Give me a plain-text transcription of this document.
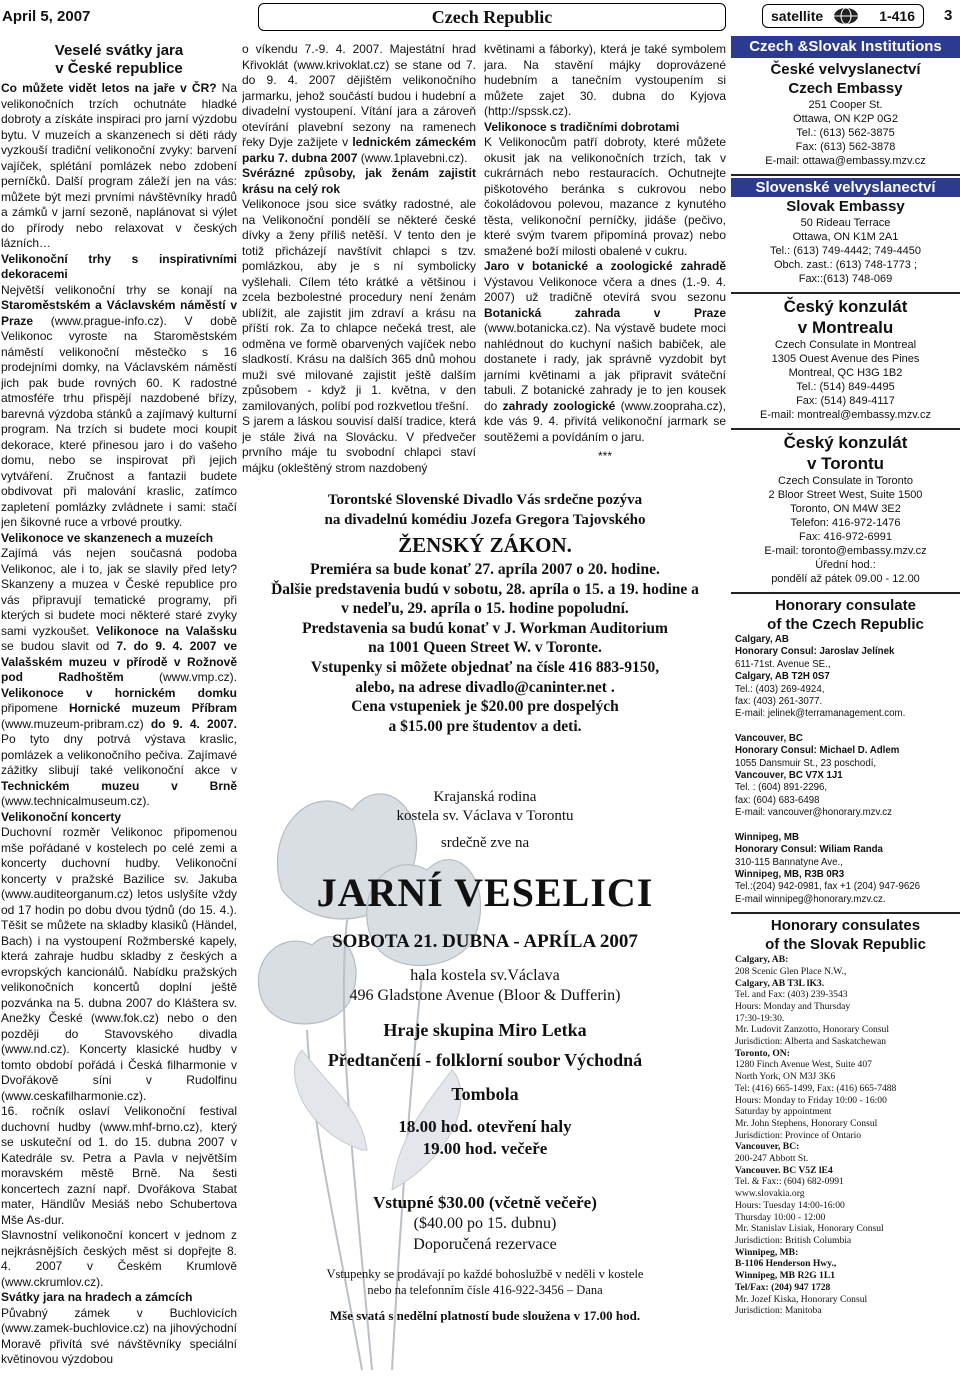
April 5, 2007	Czech Republic	satellite	1-416 3
Veselé svátky jara
v České republice

Co můžete vidět letos na jaře v ČR? Na velikonočních trzích ochutnáte hladké dobroty a získáte inspiraci pro jarní výzdobu bytu. V muzeích a skanzenech si děti rády vyzkouší tradiční velikonoční zvyky: barvení vajíček, splétání pomlázek nebo zdobení perníčků. Další program záleží jen na vás: můžete být mezi prvními návštěvníky hradů a zámků v jarní sezoně, naplánovat si výlet do přírody nebo relaxovat v českých lázních…

Velikonoční trhy s inspirativními dekoracemi

Největší velikonoční trhy se konají na Staroměstském a Václavském náměstí v Praze (www.prague-info.cz). V době Velikonoc vyroste na Staroměstském náměstí velikonoční městečko s 16 prodejními domky, na Václavském náměstí jich pak bude rovných 60. K radostné atmosféře trhu přispějí nazdobené břízy, barevná výzdoba stánků a zajímavý kulturní program. Na trzích si budete moci koupit dekorace, které přinesou jaro i do vašeho domu, nebo se inspirovat při jejich vytváření. Zručnost a fantazii budete obdivovat při malování kraslic, zatímco zapletení pomlázky zvládnete i sami: stačí jen šikovné ruce a vrbové proutky.

Velikonoce ve skanzenech a muzeích

Zajímá vás nejen současná podoba Velikonoc, ale i to, jak se slavily před lety? Skanzeny a muzea v České republice pro vás připravují tematické programy, při kterých si budete moci některé staré zvyky sami vyzkoušet. Velikonoce na Valašsku se budou slavit od 7. do 9. 4. 2007 ve Valašském muzeu v přírodě v Rožnově pod Radhoštěm (www.vmp.cz). Velikonoce v hornickém domku připomene Hornické muzeum Příbram (www.muzeum-pribram.cz) do 9. 4. 2007. Po tyto dny potrvá výstava kraslic, pomlázek a velikonočního pečiva. Zajímavé zážitky slibují také velikonoční akce v Technickém muzeu v Brně (www.technicalmuseum.cz).

Velikonoční koncerty

Duchovní rozměr Velikonoc připomenou mše pořádané v kostelech po celé zemi a koncerty duchovní hudby. Velikonoční koncerty v pražské Bazilice sv. Jakuba (www.auditeorganum.cz) letos uslyšíte vždy od 17 hodin po dobu dvou týdnů (do 15. 4.). Těšit se můžete na skladby klasiků (Händel, Bach) i na vystoupení Rožmberské kapely, která zahraje hudbu skladby z českých a evropských kancionálů. Nabídku pražských velikonočních koncertů doplní ještě pozvánka na 5. dubna 2007 do Kláštera sv. Anežky České (www.fok.cz) nebo o den později do Stavovského divadla (www.nd.cz). Koncerty klasické hudby v tomto období pořádá i Česká filharmonie v Dvořákově síni v Rudolfinu (www.ceskafilharmonie.cz).

16. ročník oslaví Velikonoční festival duchovní hudby (www.mhf-brno.cz), který se uskuteční od 1. do 15. dubna 2007 v Katedrále sv. Petra a Pavla v největším moravském městě Brně. Na šesti koncertech zazní např. Dvořákova Stabat mater, Händlův Mesiáš nebo Schubertova Mše As-dur.

Slavnostní velikonoční koncert v jednom z nejkrásnějších českých měst si dopřejte 8. 4. 2007 v Českém Krumlově (www.ckrumlov.cz).

Svátky jara na hradech a zámcích

Půvabný zámek v Buchlovicích (www.zamek-buchlovice.cz) na jihovýchodní Moravě přivítá své návštěvníky speciální květinovou výzdobou

o víkendu 7.-9. 4. 2007. Majestátní hrad Křivoklát (www.krivoklat.cz) se stane od 7. do 9. 4. 2007 dějištěm velikonočního jarmarku, jehož součástí budou i hudební a divadelní vystoupení. Vítání jara a zároveň otevírání plavební sezony na ramenech řeky Dyje zažijete v lednickém zámeckém parku 7. dubna 2007 (www.1plavebni.cz).

Svérázné způsoby, jak ženám zajistit krásu na celý rok

Velikonoce jsou sice svátky radostné, ale na Velikonoční pondělí se některé české dívky a ženy příliš netěší. V tento den je totiž přicházejí navštívit chlapci s tzv. pomlázkou, aby je s ní symbolicky vyšlehali. Cílem této krátké a většinou i zcela bezbolestné procedury není ženám ublížit, ale zajistit jim zdraví a krásu na příští rok. Za to chlapce nečeká trest, ale odměna ve formě obarvených vajíček nebo sladkostí. Krásu na dalších 365 dnů mohou muži své milované zajistit ještě dalším způsobem - když ji 1. května, v den zamilovaných, políbí pod rozkvetlou třešní.

S jarem a láskou souvisí další tradice, která je stále živá na Slovácku. V předvečer prvního máje tu svobodní chlapci staví májku (okleštěný strom nazdobený

květinami a fáborky), která je také symbolem jara. Na stavění májky doprovázené hudebním a tanečním vystoupením si můžete zajet 30. dubna do Kyjova (http://spssk.cz).

Velikonoce s tradičními dobrotami

K Velikonocům patří dobroty, které můžete okusit jak na velikonočních trzích, tak v cukrárnách nebo restauracích. Ochutnejte piškotového beránka s cukrovou nebo čokoládovou polevou, mazance z kynutého těsta, velikonoční perníčky, jidáše (pečivo, které svým tvarem připomíná provaz) nebo smažené boží milosti obalené v cukru.

Jaro v botanické a zoologické zahradě Výstavou Velikonoce včera a dnes (1.-9. 4. 2007) už tradičně otevírá svou sezonu Botanická zahrada v Praze (www.botanicka.cz). Na výstavě budete moci nahlédnout do kuchyní našich babiček, ale dostanete i rady, jak správně vyzdobit byt jarními květinami a jak připravit sváteční tabuli. Z botanické zahrady je to jen kousek do zahrady zoologické (www.zoopraha.cz), kde vás 9. 4. přivítá velikonoční jarmark se soutěžemi a povídáním o jaru.

***

Torontské Slovenské Divadlo Vás srdečne pozýva
na divadelnú komédiu Jozefa Gregora Tajovského
ŽENSKÝ ZÁKON.
Premiéra sa bude konať 27. apríla 2007 o 20. hodine.
Ďalšie predstavenia budú v sobotu, 28. apríla o 15. a 19. hodine a
v nedeľu, 29. apríla o 15. hodine popoludní.
Predstavenia sa budú konať v J. Workman Auditorium
na 1001 Queen Street W. v Toronte.
Vstupenky si môžete objednať na čísle 416 883-9150,
alebo, na adrese divadlo@caninter.net .
Cena vstupeniek je $20.00 pre dospelých
a $15.00 pre študentov a deti.
Krajanská rodina
kostela sv. Václava v Torontu
srdečně zve na
JARNÍ VESELICI
SOBOTA 21. DUBNA - APRÍLA 2007
hala kostela sv.Václava
496 Gladstone Avenue (Bloor & Dufferin)
Hraje skupina Miro Letka
Předtančení - folklorní soubor Východná
Tombola
18.00 hod. otevření haly
19.00 hod. večeře
Vstupné $30.00 (včetně večeře)
($40.00 po 15. dubnu)
Doporučená rezervace
Vstupenky se prodávají po každé bohoslužbě v neděli v kostele
nebo na telefonním čísle 416-922-3456 – Dana
Mše svatá s nedělní platností bude sloužena v 17.00 hod.
Czech &Slovak Institutions
České velvyslanectví
Czech Embassy
251 Cooper St.
Ottawa, ON K2P 0G2
Tel.: (613) 562-3875
Fax: (613) 562-3878
E-mail: ottawa@embassy.mzv.cz
Slovenské velvyslanectví
Slovak Embassy
50 Rideau Terrace
Ottawa, ON K1M 2A1
Tel.: (613) 749-4442; 749-4450
Obch. zast.: (613) 748-1773 ;
Fax::(613) 748-069
Český konzulát
v Montrealu
Czech Consulate in Montreal
1305 Ouest Avenue des Pines
Montreal, QC H3G 1B2
Tel.: (514) 849-4495
Fax: (514) 849-4117
E-mail: montreal@embassy.mzv.cz
Český konzulát
v Torontu
Czech Consulate in Toronto
2 Bloor Street West, Suite 1500
Toronto, ON M4W 3E2
Telefon: 416-972-1476
Fax: 416-972-6991
E-mail: toronto@embassy.mzv.cz
Úřední hod.:
pondělí až pátek 09.00 - 12.00
Honorary consulate
of the Czech Republic
Calgary, AB
Honorary Consul: Jaroslav Jelínek
611-71st. Avenue SE.,
Calgary, AB T2H 0S7
Tel.: (403) 269-4924,
fax: (403) 261-3077.
E-mail: jelinek@terramanagement.com.
Vancouver, BC
Honorary Consul: Michael D. Adlem
1055 Dansmuir St., 23 poschodí,
Vancouver, BC V7X 1J1
Tel. : (604) 891-2296,
fax: (604) 683-6498
E-mail: vancouver@honorary.mzv.cz
Winnipeg, MB
Honorary Consul: Wiliam Randa
310-115 Bannatyne Ave.,
Winnipeg, MB, R3B 0R3
Tel.:(204) 942-0981, fax +1 (204) 947-9626
E-mail winnipeg@honorary.mzv.cz.
Honorary consulates
of the Slovak Republic
Calgary, AB:
208 Scenic Glen Place N.W.,
Calgary, AB T3L lK3.
Tel. and Fax: (403) 239-3543
Hours: Monday and Thursday
17:30-19:30.
Mr. Ludovit Zanzotto, Honorary Consul
Jurisdiction: Alberta and Saskatchewan
Toronto, ON:
1280 Finch Avenue West, Suite 407
North York, ON M3J 3K6
Tel: (416) 665-1499, Fax: (416) 665-7488
Hours: Monday to Friday 10:00 - 16:00
Saturday by appointment
Mr. John Stephens, Honorary Consul
Jurisdiction: Province of Ontario
Vancouver, BC:
200-247 Abbott St.
Vancouver. BC V5Z lE4
Tel. & Fax:: (604) 682-0991
www.slovakia.org
Hours: Tuesday 14:00-16:00
Thursday 10:00 - 12:00
Mr. Stanislav Lisiak, Honorary Consul
Jurisdiction: British Columbia
Winnipeg, MB:
B-1106 Henderson Hwy.,
Winnipeg, MB R2G 1L1
Tel/Fax: (204) 947 1728
Mr. Jozef Kiska, Honorary Consul
Jurisdiction: Manitoba
